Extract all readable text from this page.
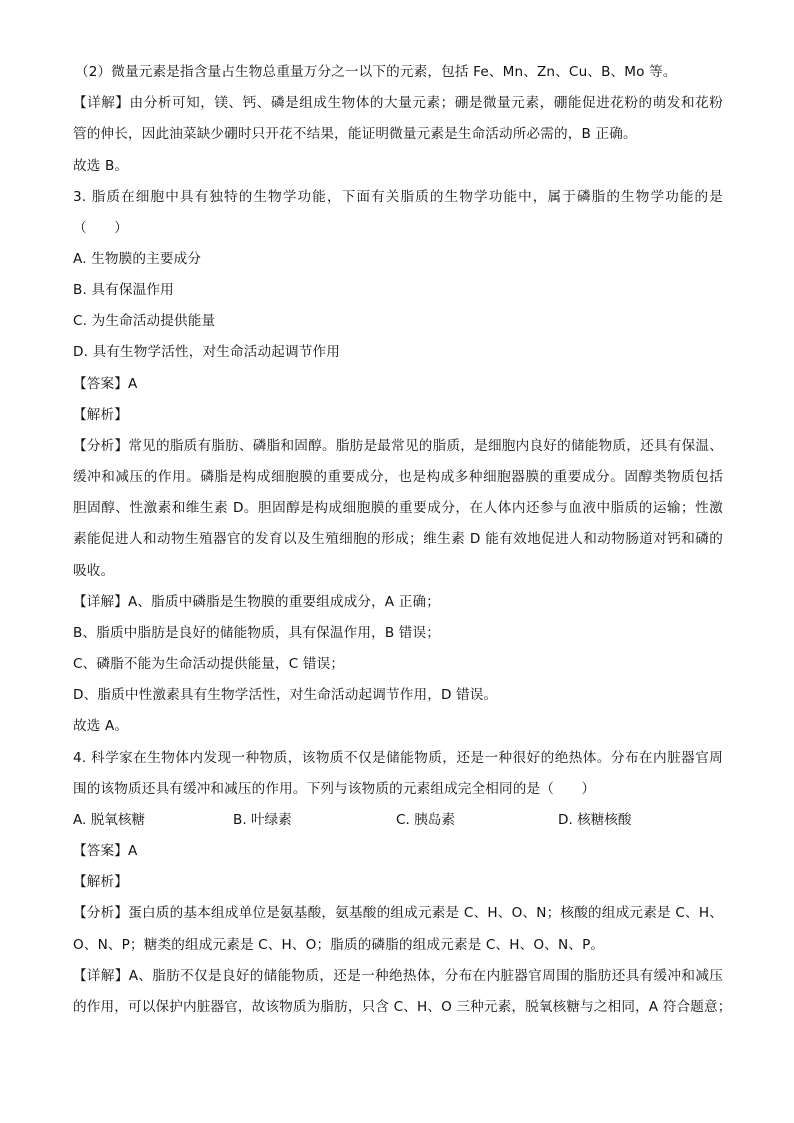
（2）微量元素是指含量占生物总重量万分之一以下的元素，包括 Fe、Mn、Zn、Cu、B、Mo 等。
【详解】由分析可知，镁、钙、磷是组成生物体的大量元素；硼是微量元素，硼能促进花粉的萌发和花粉
管的伸长，因此油菜缺少硼时只开花不结果，能证明微量元素是生命活动所必需的，B 正确。
故选 B。
3. 脂质在细胞中具有独特的生物学功能，下面有关脂质的生物学功能中，属于磷脂的生物学功能的是
（　　）
A. 生物膜的主要成分
B. 具有保温作用
C. 为生命活动提供能量
D. 具有生物学活性，对生命活动起调节作用
【答案】A
【解析】
【分析】常见的脂质有脂肪、磷脂和固醇。脂肪是最常见的脂质，是细胞内良好的储能物质，还具有保温、
缓冲和减压的作用。磷脂是构成细胞膜的重要成分，也是构成多种细胞器膜的重要成分。固醇类物质包括
胆固醇、性激素和维生素 D。胆固醇是构成细胞膜的重要成分，在人体内还参与血液中脂质的运输；性激
素能促进人和动物生殖器官的发育以及生殖细胞的形成；维生素 D 能有效地促进人和动物肠道对钙和磷的
吸收。
【详解】A、脂质中磷脂是生物膜的重要组成成分，A 正确；
B、脂质中脂肪是良好的储能物质，具有保温作用，B 错误；
C、磷脂不能为生命活动提供能量，C 错误；
D、脂质中性激素具有生物学活性，对生命活动起调节作用，D 错误。
故选 A。
4. 科学家在生物体内发现一种物质，该物质不仅是储能物质，还是一种很好的绝热体。分布在内脏器官周
围的该物质还具有缓冲和减压的作用。下列与该物质的元素组成完全相同的是（　　）
A. 脱氧核糖	B. 叶绿素	C. 胰岛素	D. 核糖核酸
【答案】A
【解析】
【分析】蛋白质的基本组成单位是氨基酸，氨基酸的组成元素是 C、H、O、N；核酸的组成元素是 C、H、
O、N、P；糖类的组成元素是 C、H、O；脂质的磷脂的组成元素是 C、H、O、N、P。
【详解】A、脂肪不仅是良好的储能物质，还是一种绝热体，分布在内脏器官周围的脂肪还具有缓冲和减压
的作用，可以保护内脏器官，故该物质为脂肪，只含 C、H、O 三种元素，脱氧核糖与之相同，A 符合题意；
